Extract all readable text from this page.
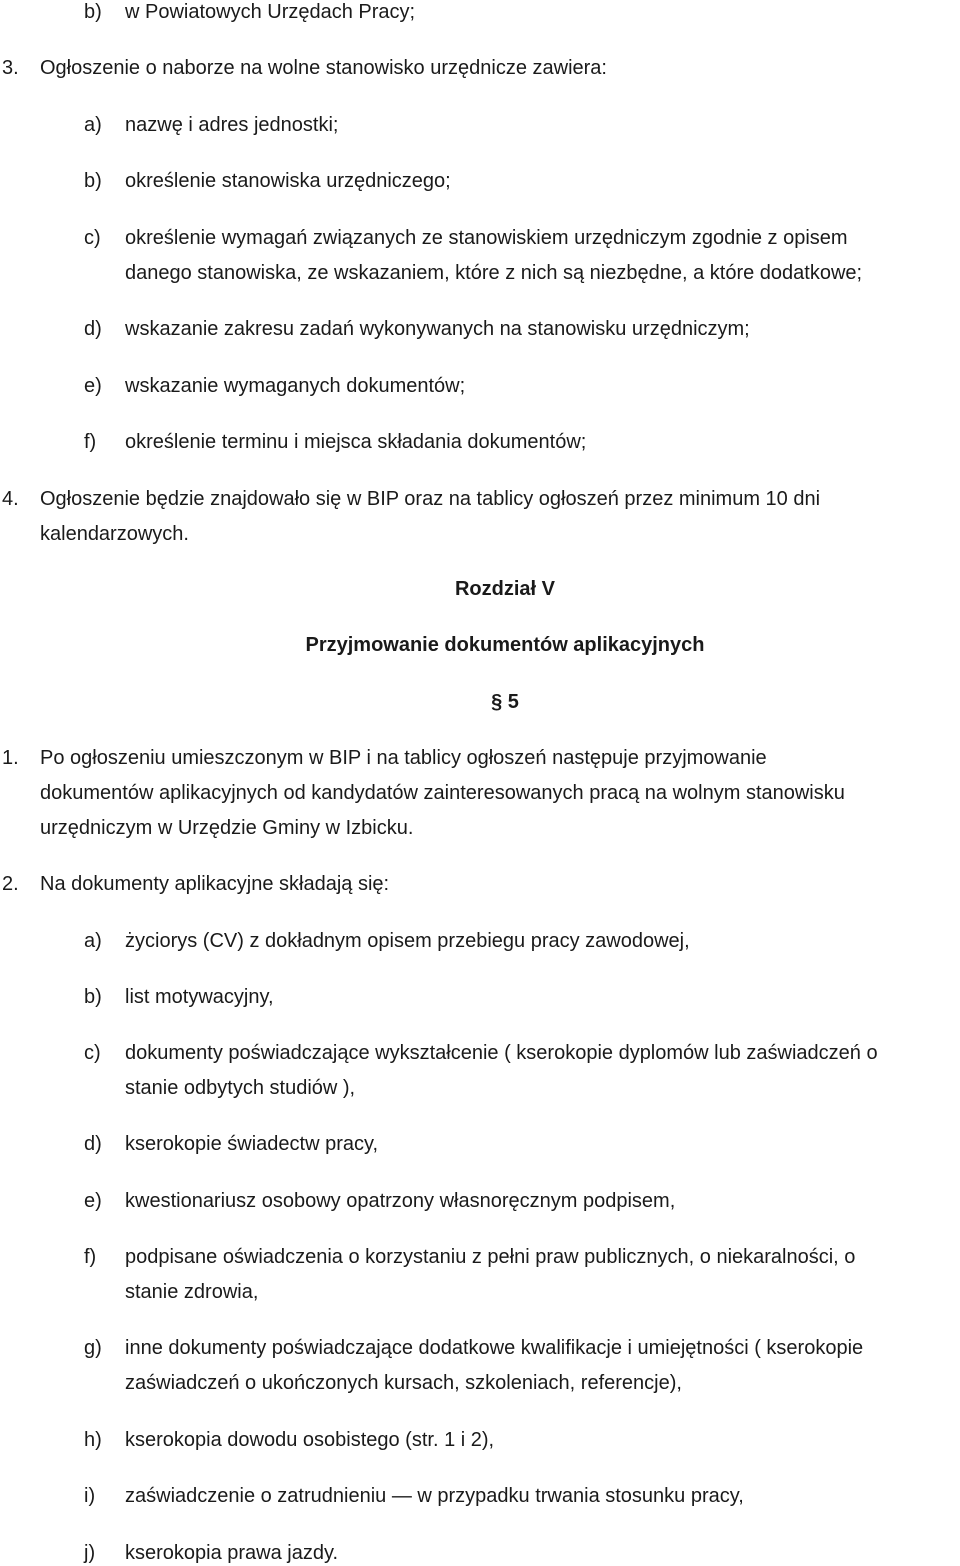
b) w Powiatowych Urzędach Pracy;
3. Ogłoszenie o naborze na wolne stanowisko urzędnicze zawiera:
a) nazwę i adres jednostki;
b) określenie stanowiska urzędniczego;
c) określenie wymagań związanych ze stanowiskiem urzędniczym zgodnie z opisem
danego stanowiska, ze wskazaniem, które z nich są niezbędne, a które dodatkowe;
d) wskazanie zakresu zadań wykonywanych na stanowisku urzędniczym;
e) wskazanie wymaganych dokumentów;
f) określenie terminu i miejsca składania dokumentów;
4. Ogłoszenie będzie znajdowało się w BIP oraz na tablicy ogłoszeń przez minimum 10 dni
kalendarzowych.
Rozdział V
Przyjmowanie dokumentów aplikacyjnych
§ 5
1. Po ogłoszeniu umieszczonym w BIP i na tablicy ogłoszeń następuje przyjmowanie
dokumentów aplikacyjnych od kandydatów zainteresowanych pracą na wolnym stanowisku
urzędniczym w Urzędzie Gminy w Izbicku.
2. Na dokumenty aplikacyjne składają się:
a) życiorys (CV) z dokładnym opisem przebiegu pracy zawodowej,
b) list motywacyjny,
c) dokumenty poświadczające wykształcenie ( kserokopie dyplomów lub zaświadczeń o
stanie odbytych studiów ),
d) kserokopie świadectw pracy,
e) kwestionariusz osobowy opatrzony własnoręcznym podpisem,
f) podpisane oświadczenia o korzystaniu z pełni praw publicznych, o niekaralności, o
stanie zdrowia,
g) inne dokumenty poświadczające dodatkowe kwalifikacje i umiejętności ( kserokopie
zaświadczeń o ukończonych kursach, szkoleniach, referencje),
h) kserokopia dowodu osobistego (str. 1 i 2),
i) zaświadczenie o zatrudnieniu — w przypadku trwania stosunku pracy,
j) kserokopia prawa jazdy.
